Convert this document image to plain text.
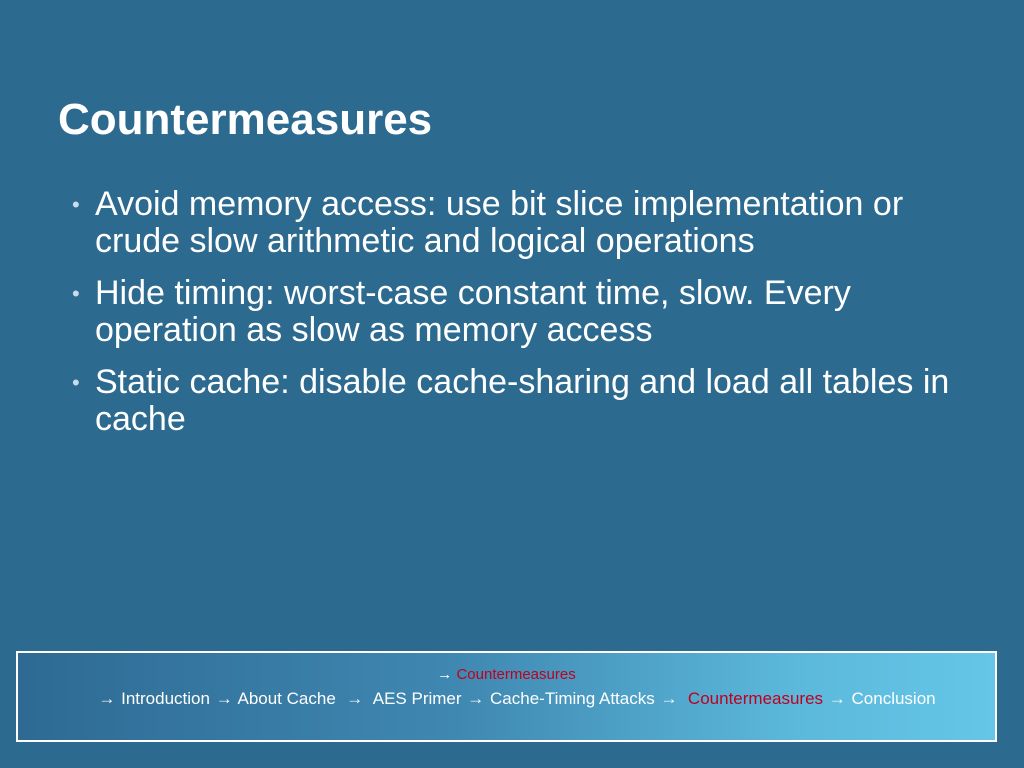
Countermeasures
• Avoid memory access: use bit slice implementation or crude slow arithmetic and logical operations
• Hide timing: worst-case constant time, slow. Every operation as slow as memory access
• Static cache: disable cache-sharing and load all tables in cache
→ Countermeasures
→ Introduction → About Cache → AES Primer → Cache-Timing Attacks → Countermeasures → Conclusion
